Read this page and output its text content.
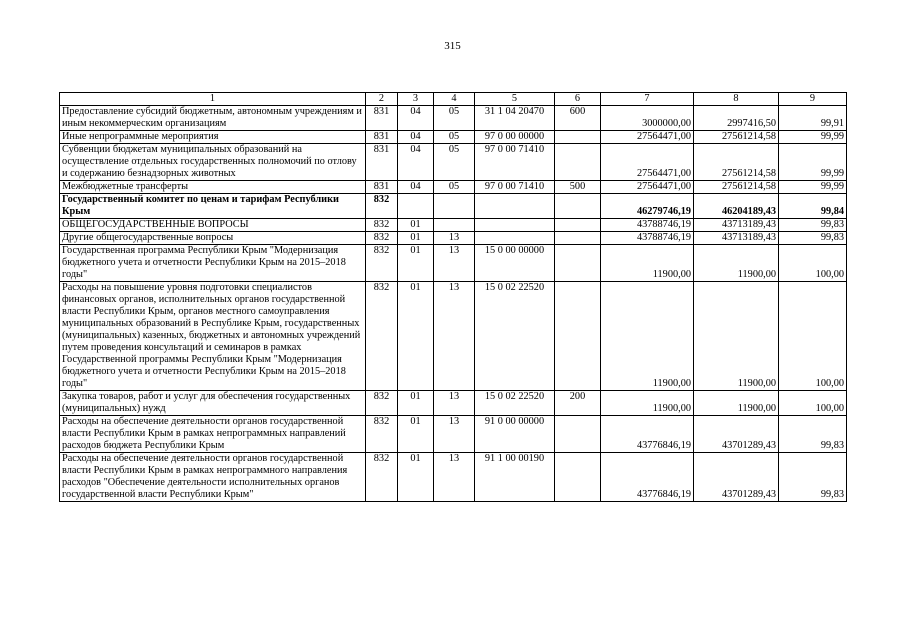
315
1	2	3	4	5	6	7	8	9
Предоставление субсидий бюджетным, автономным учреждениям и иным некоммерческим организациям	831	04	05	31 1 04 20470	600	3000000,00	2997416,50	99,91
Иные непрограммные мероприятия	831	04	05	97 0 00 00000		27564471,00	27561214,58	99,99
Субвенции бюджетам муниципальных образований на осуществление отдельных государственных полномочий по отлову и содержанию безнадзорных животных	831	04	05	97 0 00 71410		27564471,00	27561214,58	99,99
Межбюджетные трансферты	831	04	05	97 0 00 71410	500	27564471,00	27561214,58	99,99
Государственный комитет по ценам и тарифам Республики Крым	832					46279746,19	46204189,43	99,84
ОБЩЕГОСУДАРСТВЕННЫЕ ВОПРОСЫ	832	01				43788746,19	43713189,43	99,83
Другие общегосударственные вопросы	832	01	13			43788746,19	43713189,43	99,83
Государственная программа Республики Крым "Модернизация бюджетного учета и отчетности Республики Крым на 2015–2018 годы"	832	01	13	15 0 00 00000		11900,00	11900,00	100,00
Расходы на повышение уровня подготовки специалистов финансовых органов, исполнительных органов государственной власти Республики Крым, органов местного самоуправления муниципальных образований в Республике Крым, государственных (муниципальных) казенных, бюджетных и автономных учреждений путем проведения консультаций и семинаров в рамках Государственной программы Республики Крым "Модернизация бюджетного учета и отчетности Республики Крым на 2015–2018 годы"	832	01	13	15 0 02 22520		11900,00	11900,00	100,00
Закупка товаров, работ и услуг для обеспечения государственных (муниципальных) нужд	832	01	13	15 0 02 22520	200	11900,00	11900,00	100,00
Расходы на обеспечение деятельности органов государственной власти Республики Крым в рамках непрограммных направлений расходов бюджета Республики Крым	832	01	13	91 0 00 00000		43776846,19	43701289,43	99,83
Расходы на обеспечение деятельности органов государственной власти Республики Крым в рамках непрограммного направления расходов "Обеспечение деятельности исполнительных органов государственной власти Республики Крым"	832	01	13	91 1 00 00190		43776846,19	43701289,43	99,83
